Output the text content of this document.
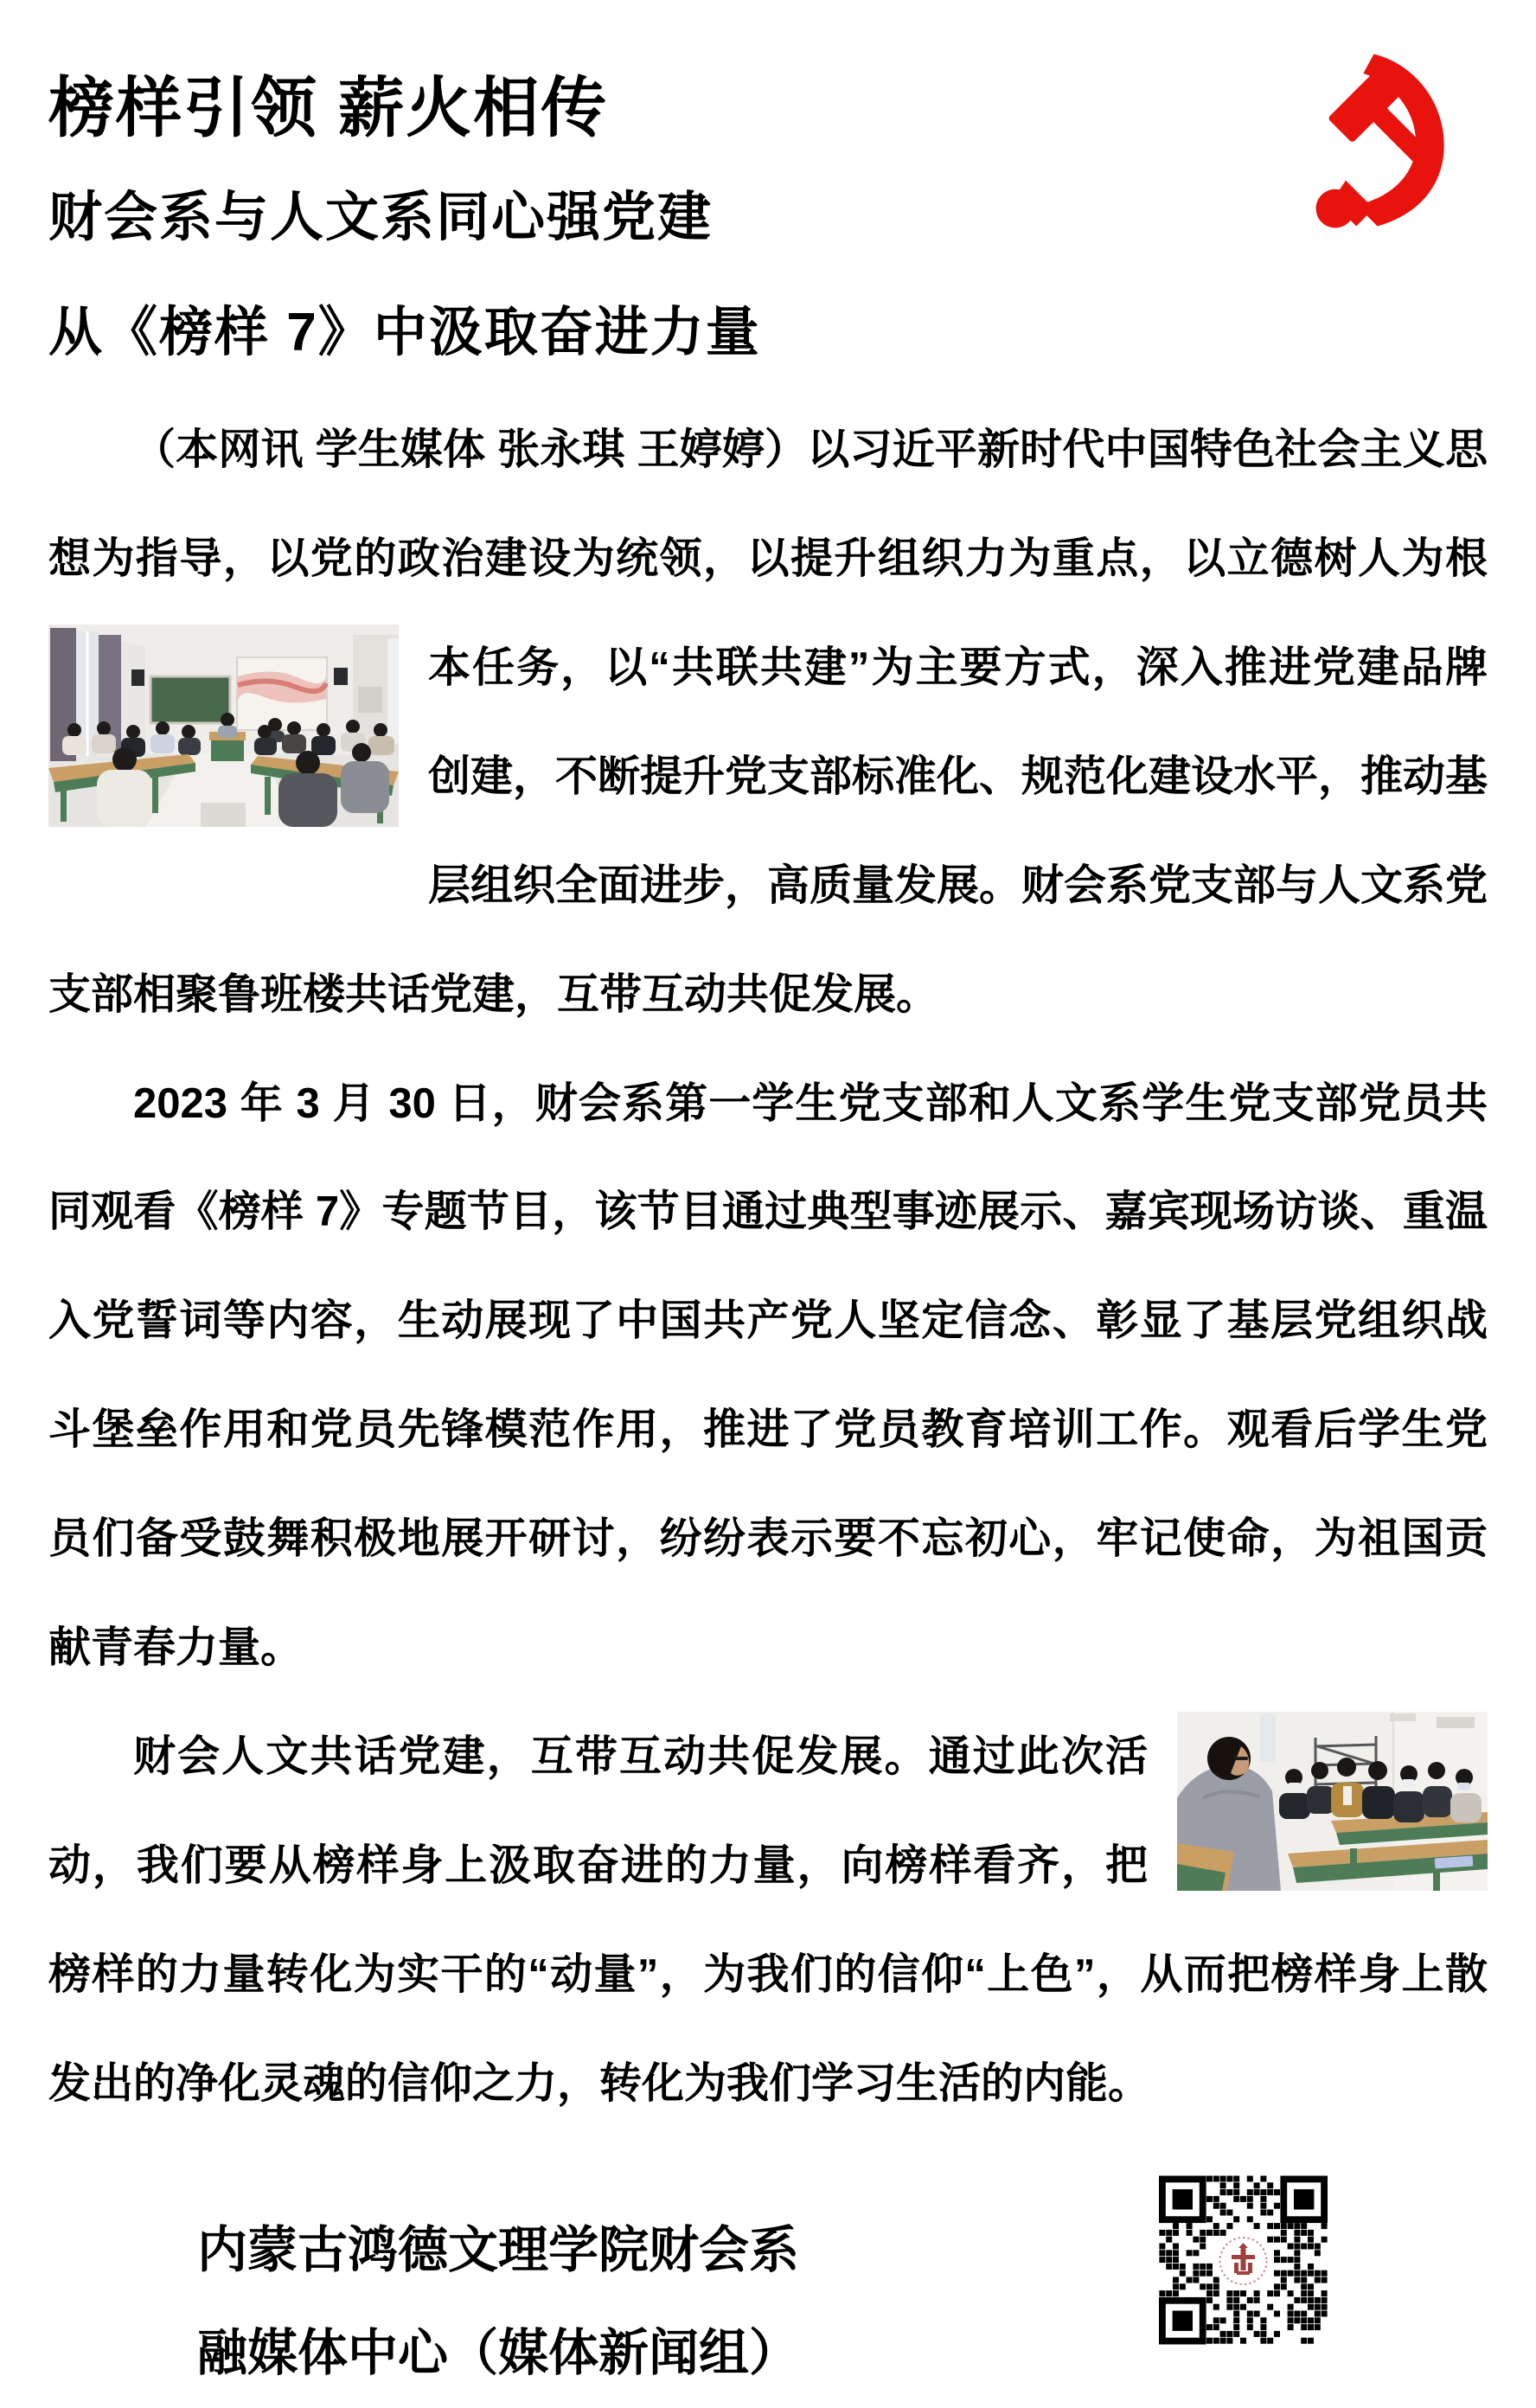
榜样引领 薪火相传
财会系与人文系同心强党建
从《榜样 7》中汲取奋进力量

（本网讯 学生媒体 张永琪 王婷婷）以习近平新时代中国特色社会主义思想为指导，以党的政治建设为统领，以提升组织力为重点，以立德树人为根本
任务，以“共联共建”为主要方式，深入推进党建品牌创建，不断提升党支部标准化、规范化建设水平，推动基层组织全面进步，高质量发展。财会系党支部与人文系党支部相聚鲁班楼共话党建，互带互动共促发展。

2023 年 3 月 30 日，财会系第一学生党支部和人文系学生党支部党员共同观看《榜样 7》专题节目，该节目通过典型事迹展示、嘉宾现场访谈、重温入党誓词等内容，生动展现了中国共产党人坚定信念、彰显了基层党组织战斗堡垒作用和党员先锋模范作用，推进了党员教育培训工作。观看后学生党员们备受鼓舞积极地展开研讨，纷纷表示要不忘初心，牢记使命，为祖国贡献青春力量。

财会人文共话党建，互带互动共促发展。通过此次活动，我们要从榜样身上汲取奋进的力量，向榜样看齐，把榜样的力量转化为实干的“动量”，为我们的信仰“上色”，从而把榜样身上散发出的净化灵魂的信仰之力，转化为我们学习生活的内能。

内蒙古鸿德文理学院财会系
融媒体中心（媒体新闻组）
